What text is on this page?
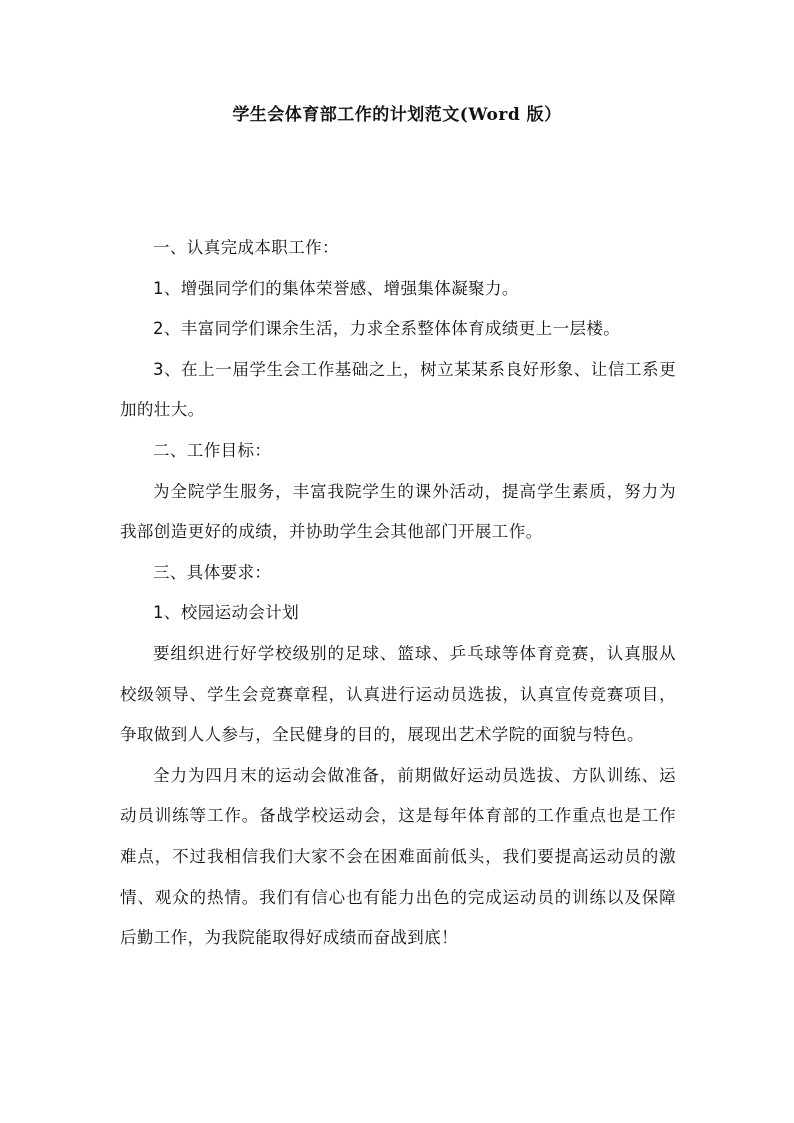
学生会体育部工作的计划范文(Word 版）

一、认真完成本职工作：

1、增强同学们的集体荣誉感、增强集体凝聚力。

2、丰富同学们课余生活，力求全系整体体育成绩更上一层楼。

3、在上一届学生会工作基础之上，树立某某系良好形象、让信工系更加的壮大。

二、工作目标：

为全院学生服务，丰富我院学生的课外活动，提高学生素质，努力为我部创造更好的成绩，并协助学生会其他部门开展工作。

三、具体要求：

1、校园运动会计划

要组织进行好学校级别的足球、篮球、乒乓球等体育竞赛，认真服从校级领导、学生会竞赛章程，认真进行运动员选拔，认真宣传竞赛项目，争取做到人人参与，全民健身的目的，展现出艺术学院的面貌与特色。

全力为四月末的运动会做准备，前期做好运动员选拔、方队训练、运动员训练等工作。备战学校运动会，这是每年体育部的工作重点也是工作难点，不过我相信我们大家不会在困难面前低头，我们要提高运动员的激情、观众的热情。我们有信心也有能力出色的完成运动员的训练以及保障后勤工作，为我院能取得好成绩而奋战到底！
